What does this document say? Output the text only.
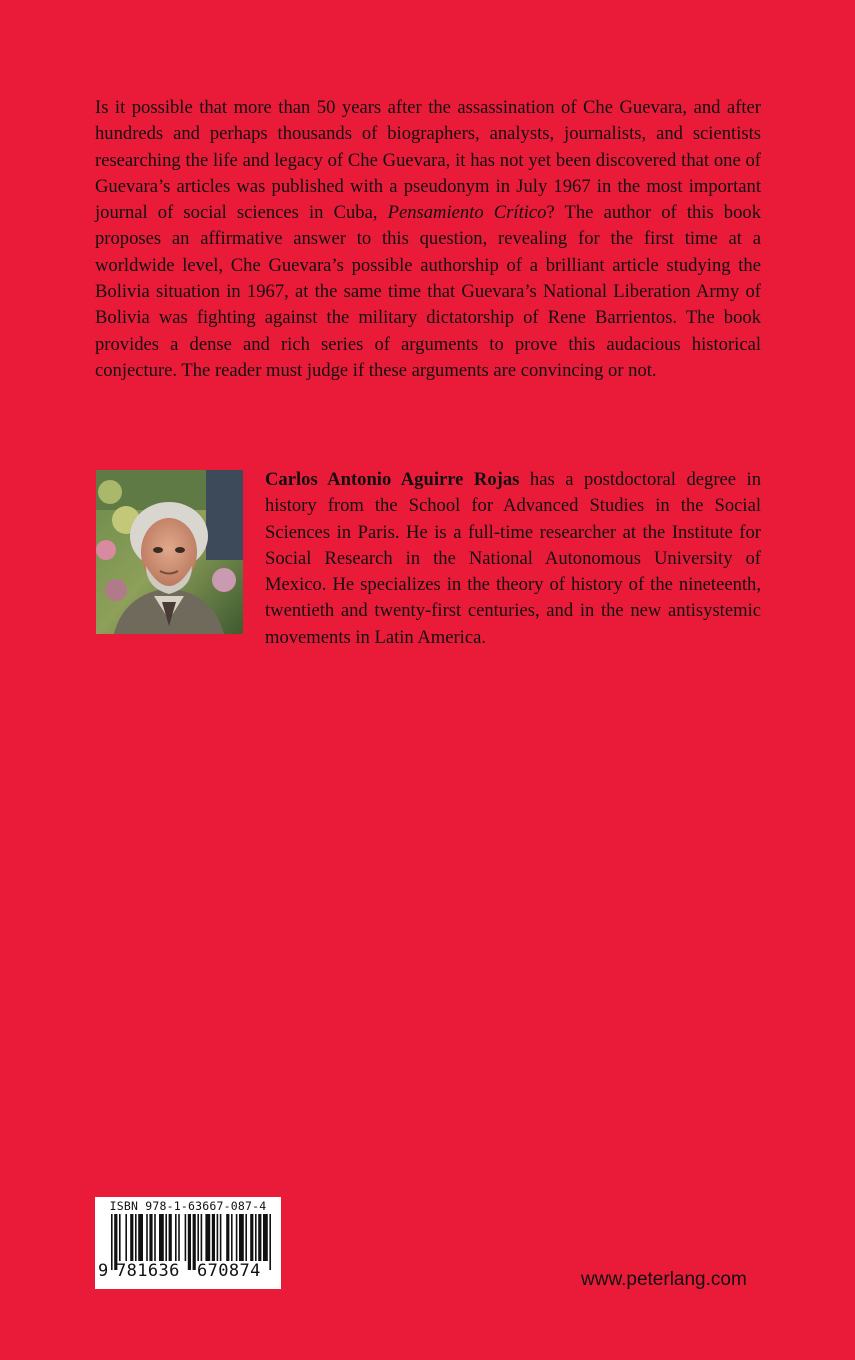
Is it possible that more than 50 years after the assassination of Che Guevara, and after hundreds and perhaps thousands of biographers, analysts, journalists, and scientists researching the life and legacy of Che Guevara, it has not yet been discovered that one of Guevara’s articles was published with a pseudonym in July 1967 in the most important journal of social sciences in Cuba, Pensamiento Crítico? The author of this book proposes an affirmative answer to this question, revealing for the first time at a worldwide level, Che Guevara’s possible authorship of a brilliant article studying the Bolivia situation in 1967, at the same time that Guevara’s National Liberation Army of Bolivia was fighting against the military dictatorship of Rene Barrientos. The book provides a dense and rich series of arguments to prove this audacious historical conjecture. The reader must judge if these arguments are convincing or not.

Carlos Antonio Aguirre Rojas has a postdoctoral degree in history from the School for Advanced Studies in the Social Sciences in Paris. He is a full-time researcher at the Institute for Social Research in the National Autonomous University of Mexico. He specializes in the theory of history of the nineteenth, twentieth and twenty-first centuries, and in the new antisystemic movements in Latin America.

ISBN 978-1-63667-087-4
9 781636 670874	www.peterlang.com
